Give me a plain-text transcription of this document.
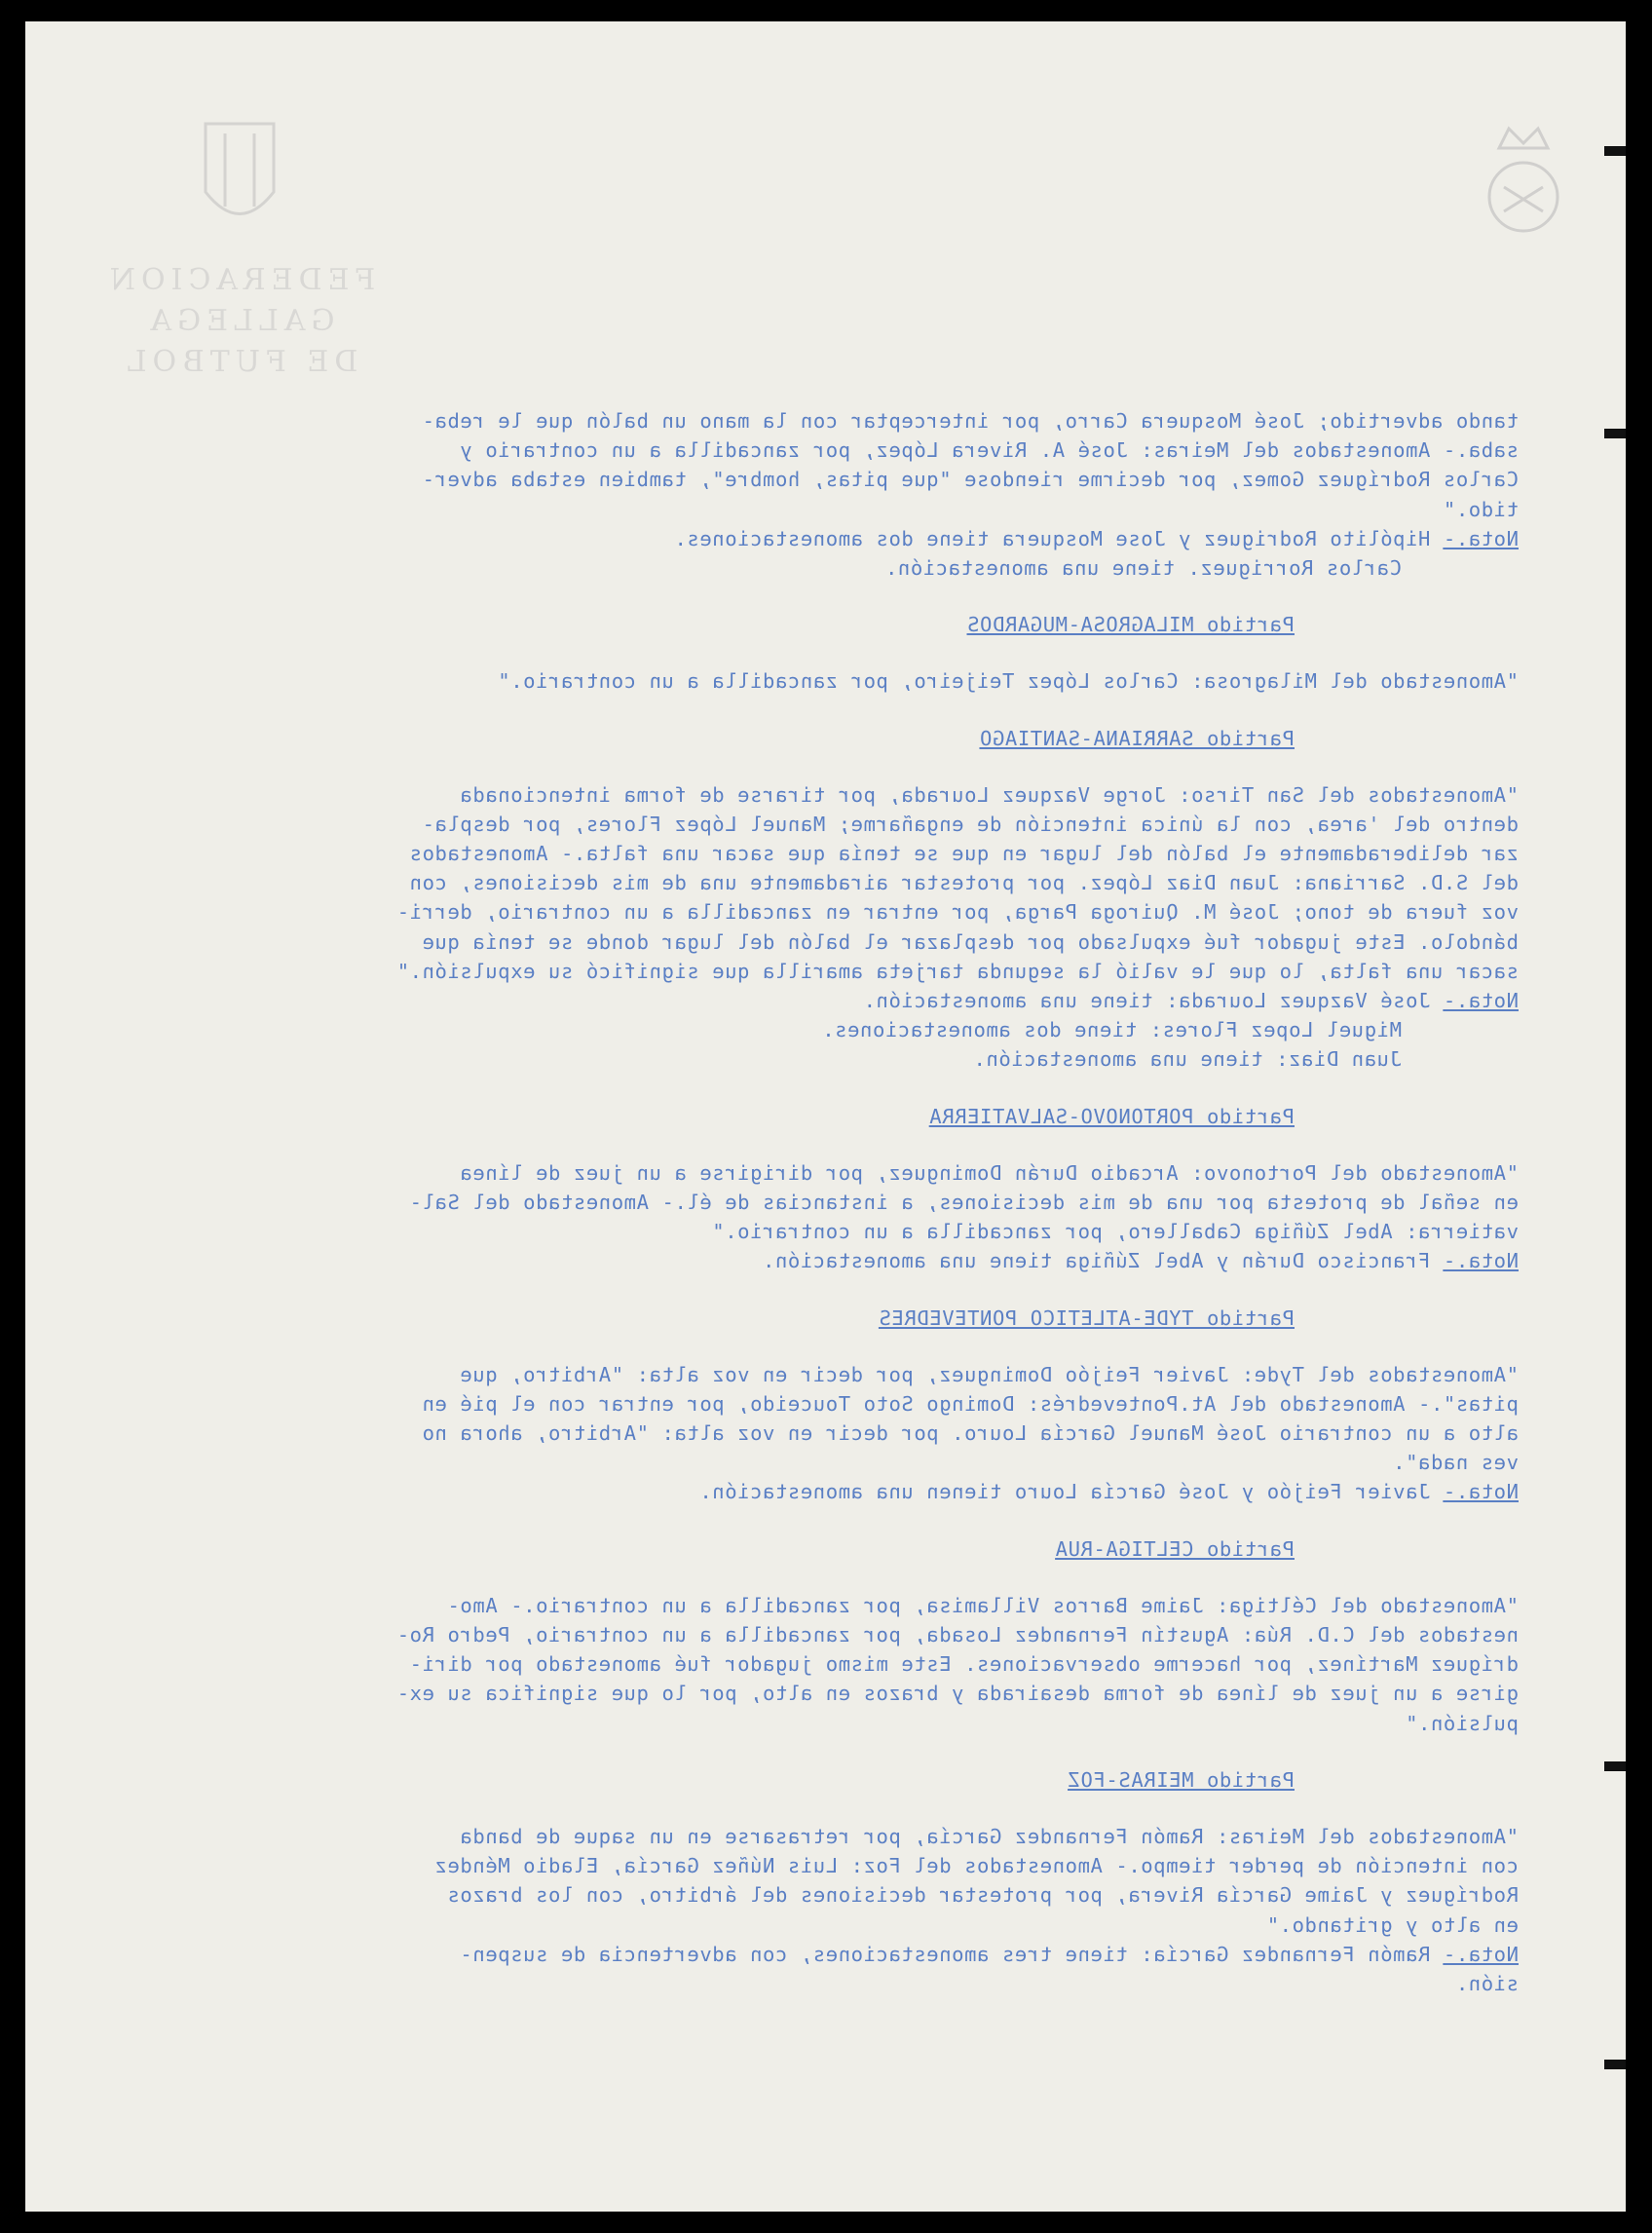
FEDERACION GALLEGA
DE FUTBOL
tando advertido; José Mosquera Carro, por interceptar con la mano un balón que le reba-
saba.- Amonestados del Meiras: José A. Rivera López, por zancadilla a un contrario y
Carlos Rodríguez Gomez, por decirme riendose "que pitas, hombre", tambien estaba adver-
tido."
Nota.- Hipólito Rodriguez y Jose Mosquera tiene dos amonestaciones.
Carlos Rorriguez. tiene una amonestación.
Partido MILAGROSA-MUGARDOS
"Amonestado del Milagrosa: Carlos López Teijeiro, por zancadilla a un contrario."
Partido SARRIANA-SANTIAGO
"Amonestados del San Tirso: Jorge Vazquez Lourada, por tirarse de forma intencionada
dentro del 'area, con la única intención de engañarme; Manuel López Flores, por despla-
zar deliberadamente el balón del lugar en que se tenía que sacar una falta.- Amonestados
del S.D. Sarriana: Juan Diaz López. por protestar airadamente una de mis decisiones, con
voz fuera de tono; José M. Quiroga Parga, por entrar en zancadilla a un contrario, derri-
bándolo. Este jugador fué expulsado por desplazar el balón del lugar donde se tenía que
sacar una falta, lo que le valió la segunda tarjeta amarilla que significó su expulsión."
Nota.- José Vazquez Lourada: tiene una amonestación.
Miguel Lopez Flores: tiene dos amonestaciones.
Juan Diaz: tiene una amonestación.
Partido PORTONOVO-SALVATIERRA
"Amonestado del Portonovo: Arcadio Durán Dominguez, por dirigirse a un juez de línea
en señal de protesta por una de mis decisiones, a instancias de él.- Amonestado del Sal-
vatierra: Abel Zúñiga Caballero, por zancadilla a un contrario."
Nota.- Francisco Durán y Abel Zúñiga tiene una amonestación.
Partido TYDE-ATLETICO PONTEVEDRES
"Amonestados del Tyde: Javier Feijóo Dominguez, por decir en voz alta: "Arbitro, que
pitas".- Amonestado del At.Pontevedrés: Domingo Soto Touceido, por entrar con el pié en
alto a un contrario José Manuel García Louro. por decir en voz alta: "Arbitro, ahora no
ves nada".
Nota.- Javier Feijóo y José García Louro tienen una amonestación.
Partido CELTIGA-RUA
"Amonestado del Céltiga: Jaime Barros Villamisa, por zancadilla a un contrario.- Amo-
nestados del C.D. Rúa: Agustín Fernandez Losada, por zancadilla a un contrario, Pedro Ro-
dríguez Martínez, por hacerme observaciones. Este mismo jugador fué amonestado por diri-
girse a un juez de línea de forma desairada y brazos en alto, por lo que significa su ex-
pulsión."
Partido MEIRAS-FOZ
"Amonestados del Meiras: Ramón Fernandez García, por retrasarse en un saque de banda
con intención de perder tiempo.- Amonestados del Foz: Luis Núñez García, Eladio Méndez
Rodríguez y Jaime García Rivera, por protestar decisiones del árbitro, con los brazos
en alto y gritando."
Nota.- Ramón Fernandez García: tiene tres amonestaciones, con advertencia de suspen-
sión.
